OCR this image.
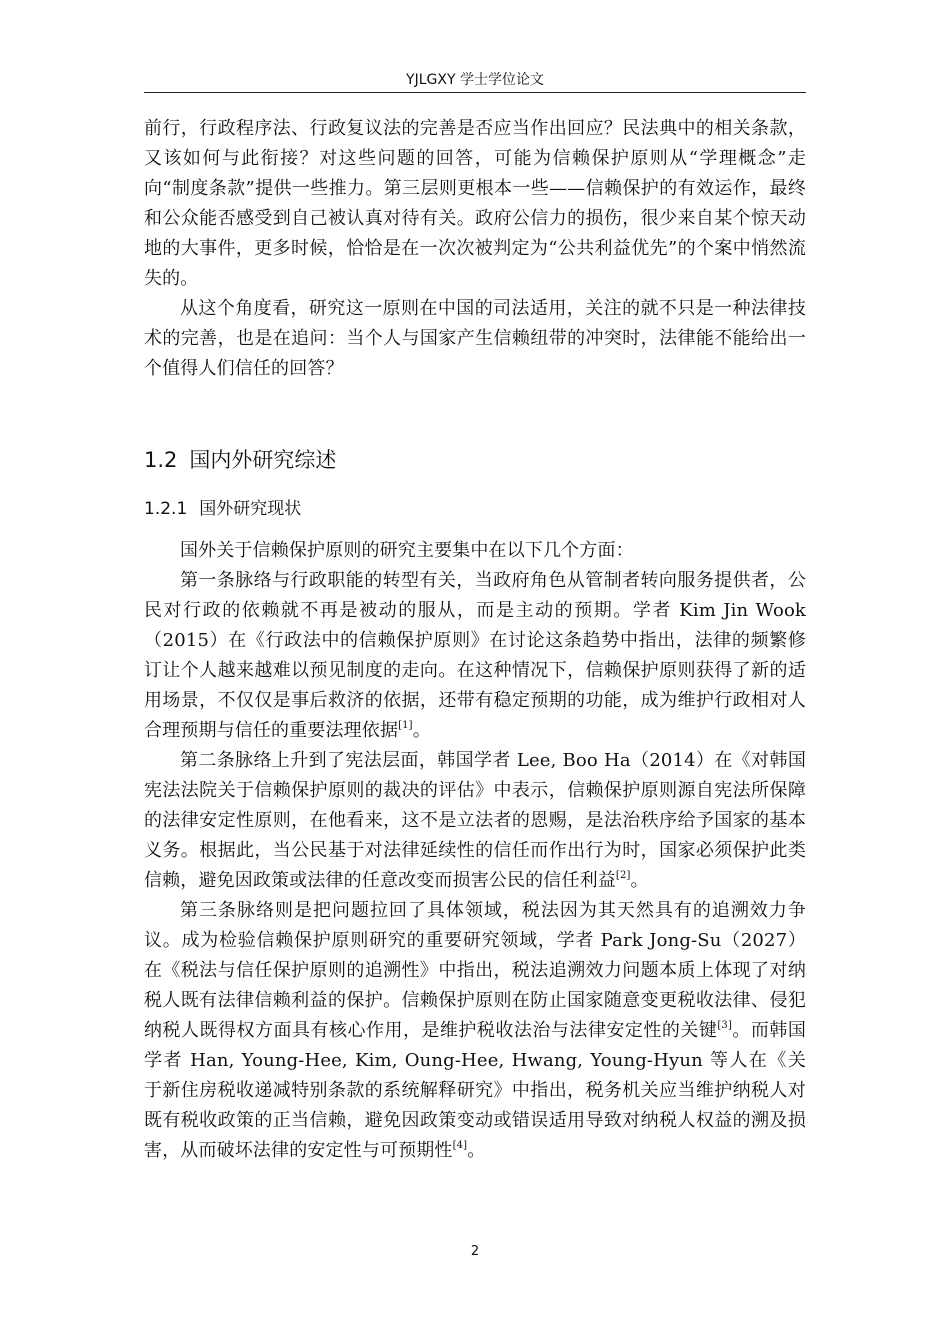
YJLGXY 学士学位论文

前行，行政程序法、行政复议法的完善是否应当作出回应？民法典中的相关条款，又该如何与此衔接？对这些问题的回答，可能为信赖保护原则从“学理概念”走向“制度条款”提供一些推力。第三层则更根本一些——信赖保护的有效运作，最终和公众能否感受到自己被认真对待有关。政府公信力的损伤，很少来自某个惊天动地的大事件，更多时候，恰恰是在一次次被判定为“公共利益优先”的个案中悄然流失的。

从这个角度看，研究这一原则在中国的司法适用，关注的就不只是一种法律技术的完善，也是在追问：当个人与国家产生信赖纽带的冲突时，法律能不能给出一个值得人们信任的回答？

1.2 国内外研究综述
1.2.1 国外研究现状

国外关于信赖保护原则的研究主要集中在以下几个方面：

第一条脉络与行政职能的转型有关，当政府角色从管制者转向服务提供者，公民对行政的依赖就不再是被动的服从，而是主动的预期。学者 Kim Jin Wook（2015）在《行政法中的信赖保护原则》在讨论这条趋势中指出，法律的频繁修订让个人越来越难以预见制度的走向。在这种情况下，信赖保护原则获得了新的适用场景，不仅仅是事后救济的依据，还带有稳定预期的功能，成为维护行政相对人合理预期与信任的重要法理依据[1]。

第二条脉络上升到了宪法层面，韩国学者 Lee, Boo Ha（2014）在《对韩国宪法法院关于信赖保护原则的裁决的评估》中表示，信赖保护原则源自宪法所保障的法律安定性原则，在他看来，这不是立法者的恩赐，是法治秩序给予国家的基本义务。根据此，当公民基于对法律延续性的信任而作出行为时，国家必须保护此类信赖，避免因政策或法律的任意改变而损害公民的信任利益[2]。

第三条脉络则是把问题拉回了具体领域，税法因为其天然具有的追溯效力争议。成为检验信赖保护原则研究的重要研究领域，学者 Park Jong-Su（2027）在《税法与信任保护原则的追溯性》中指出，税法追溯效力问题本质上体现了对纳税人既有法律信赖利益的保护。信赖保护原则在防止国家随意变更税收法律、侵犯纳税人既得权方面具有核心作用，是维护税收法治与法律安定性的关键[3]。而韩国学者 Han, Young-Hee, Kim, Oung-Hee, Hwang, Young-Hyun 等人在《关于新住房税收递减特别条款的系统解释研究》中指出，税务机关应当维护纳税人对既有税收政策的正当信赖，避免因政策变动或错误适用导致对纳税人权益的溯及损害，从而破坏法律的安定性与可预期性[4]。

2
